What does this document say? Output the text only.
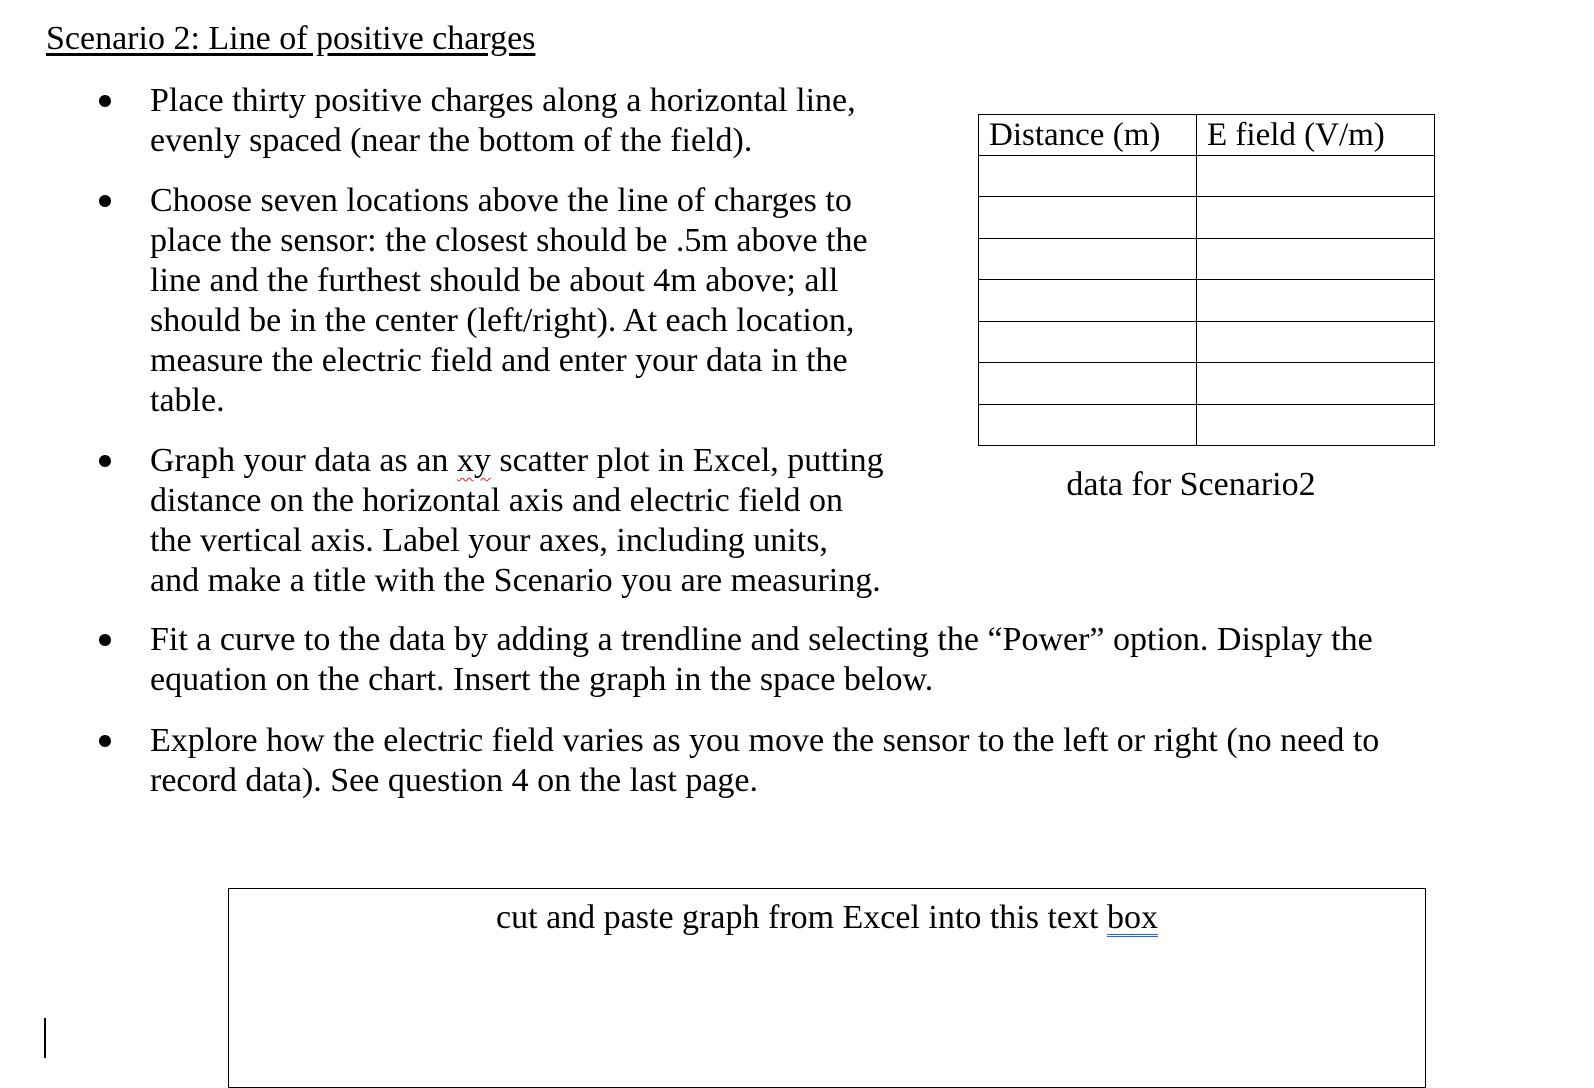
Scenario 2: Line of positive charges

Place thirty positive charges along a horizontal line,
evenly spaced (near the bottom of the field).

Choose seven locations above the line of charges to
place the sensor: the closest should be .5m above the
line and the furthest should be about 4m above; all
should be in the center (left/right). At each location,
measure the electric field and enter your data in the
table.

Graph your data as an xy scatter plot in Excel, putting
distance on the horizontal axis and electric field on
the vertical axis. Label your axes, including units,
and make a title with the Scenario you are measuring.

Fit a curve to the data by adding a trendline and selecting the “Power” option. Display the
equation on the chart. Insert the graph in the space below.

Explore how the electric field varies as you move the sensor to the left or right (no need to
record data). See question 4 on the last page.

Distance (m)	E field (V/m)

data for Scenario2

cut and paste graph from Excel into this text box
